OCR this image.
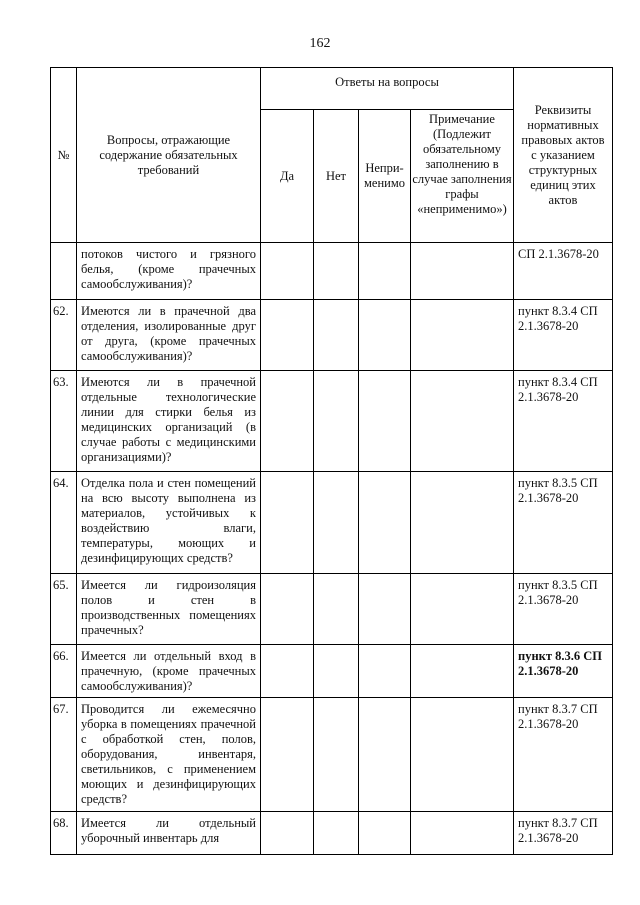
162
№	Вопросы, отражающие содержание обязательных требований	Ответы на вопросы				Реквизиты нормативных правовых актов с указанием структурных единиц этих актов
		Да	Нет	Непри-менимо	Примечание (Подлежит обязательному заполнению в случае заполнения графы «неприменимо»)	
	потоков чистого и грязного белья, (кроме прачечных самообслуживания)?					СП 2.1.3678-20
62.	Имеются ли в прачечной два отделения, изолированные друг от друга, (кроме прачечных самообслуживания)?					пункт 8.3.4 СП 2.1.3678-20
63.	Имеются ли в прачечной отдельные технологические линии для стирки белья из медицинских организаций (в случае работы с медицинскими организациями)?					пункт 8.3.4 СП 2.1.3678-20
64.	Отделка пола и стен помещений на всю высоту выполнена из материалов, устойчивых к воздействию влаги, температуры, моющих и дезинфицирующих средств?					пункт 8.3.5 СП 2.1.3678-20
65.	Имеется ли гидроизоляция полов и стен в производственных помещениях прачечных?					пункт 8.3.5 СП 2.1.3678-20
66.	Имеется ли отдельный вход в прачечную, (кроме прачечных самообслуживания)?					пункт 8.3.6 СП 2.1.3678-20
67.	Проводится ли ежемесячно уборка в помещениях прачечной с обработкой стен, полов, оборудования, инвентаря, светильников, с применением моющих и дезинфицирующих средств?					пункт 8.3.7 СП 2.1.3678-20
68.	Имеется ли отдельный уборочный инвентарь для					пункт 8.3.7 СП 2.1.3678-20
